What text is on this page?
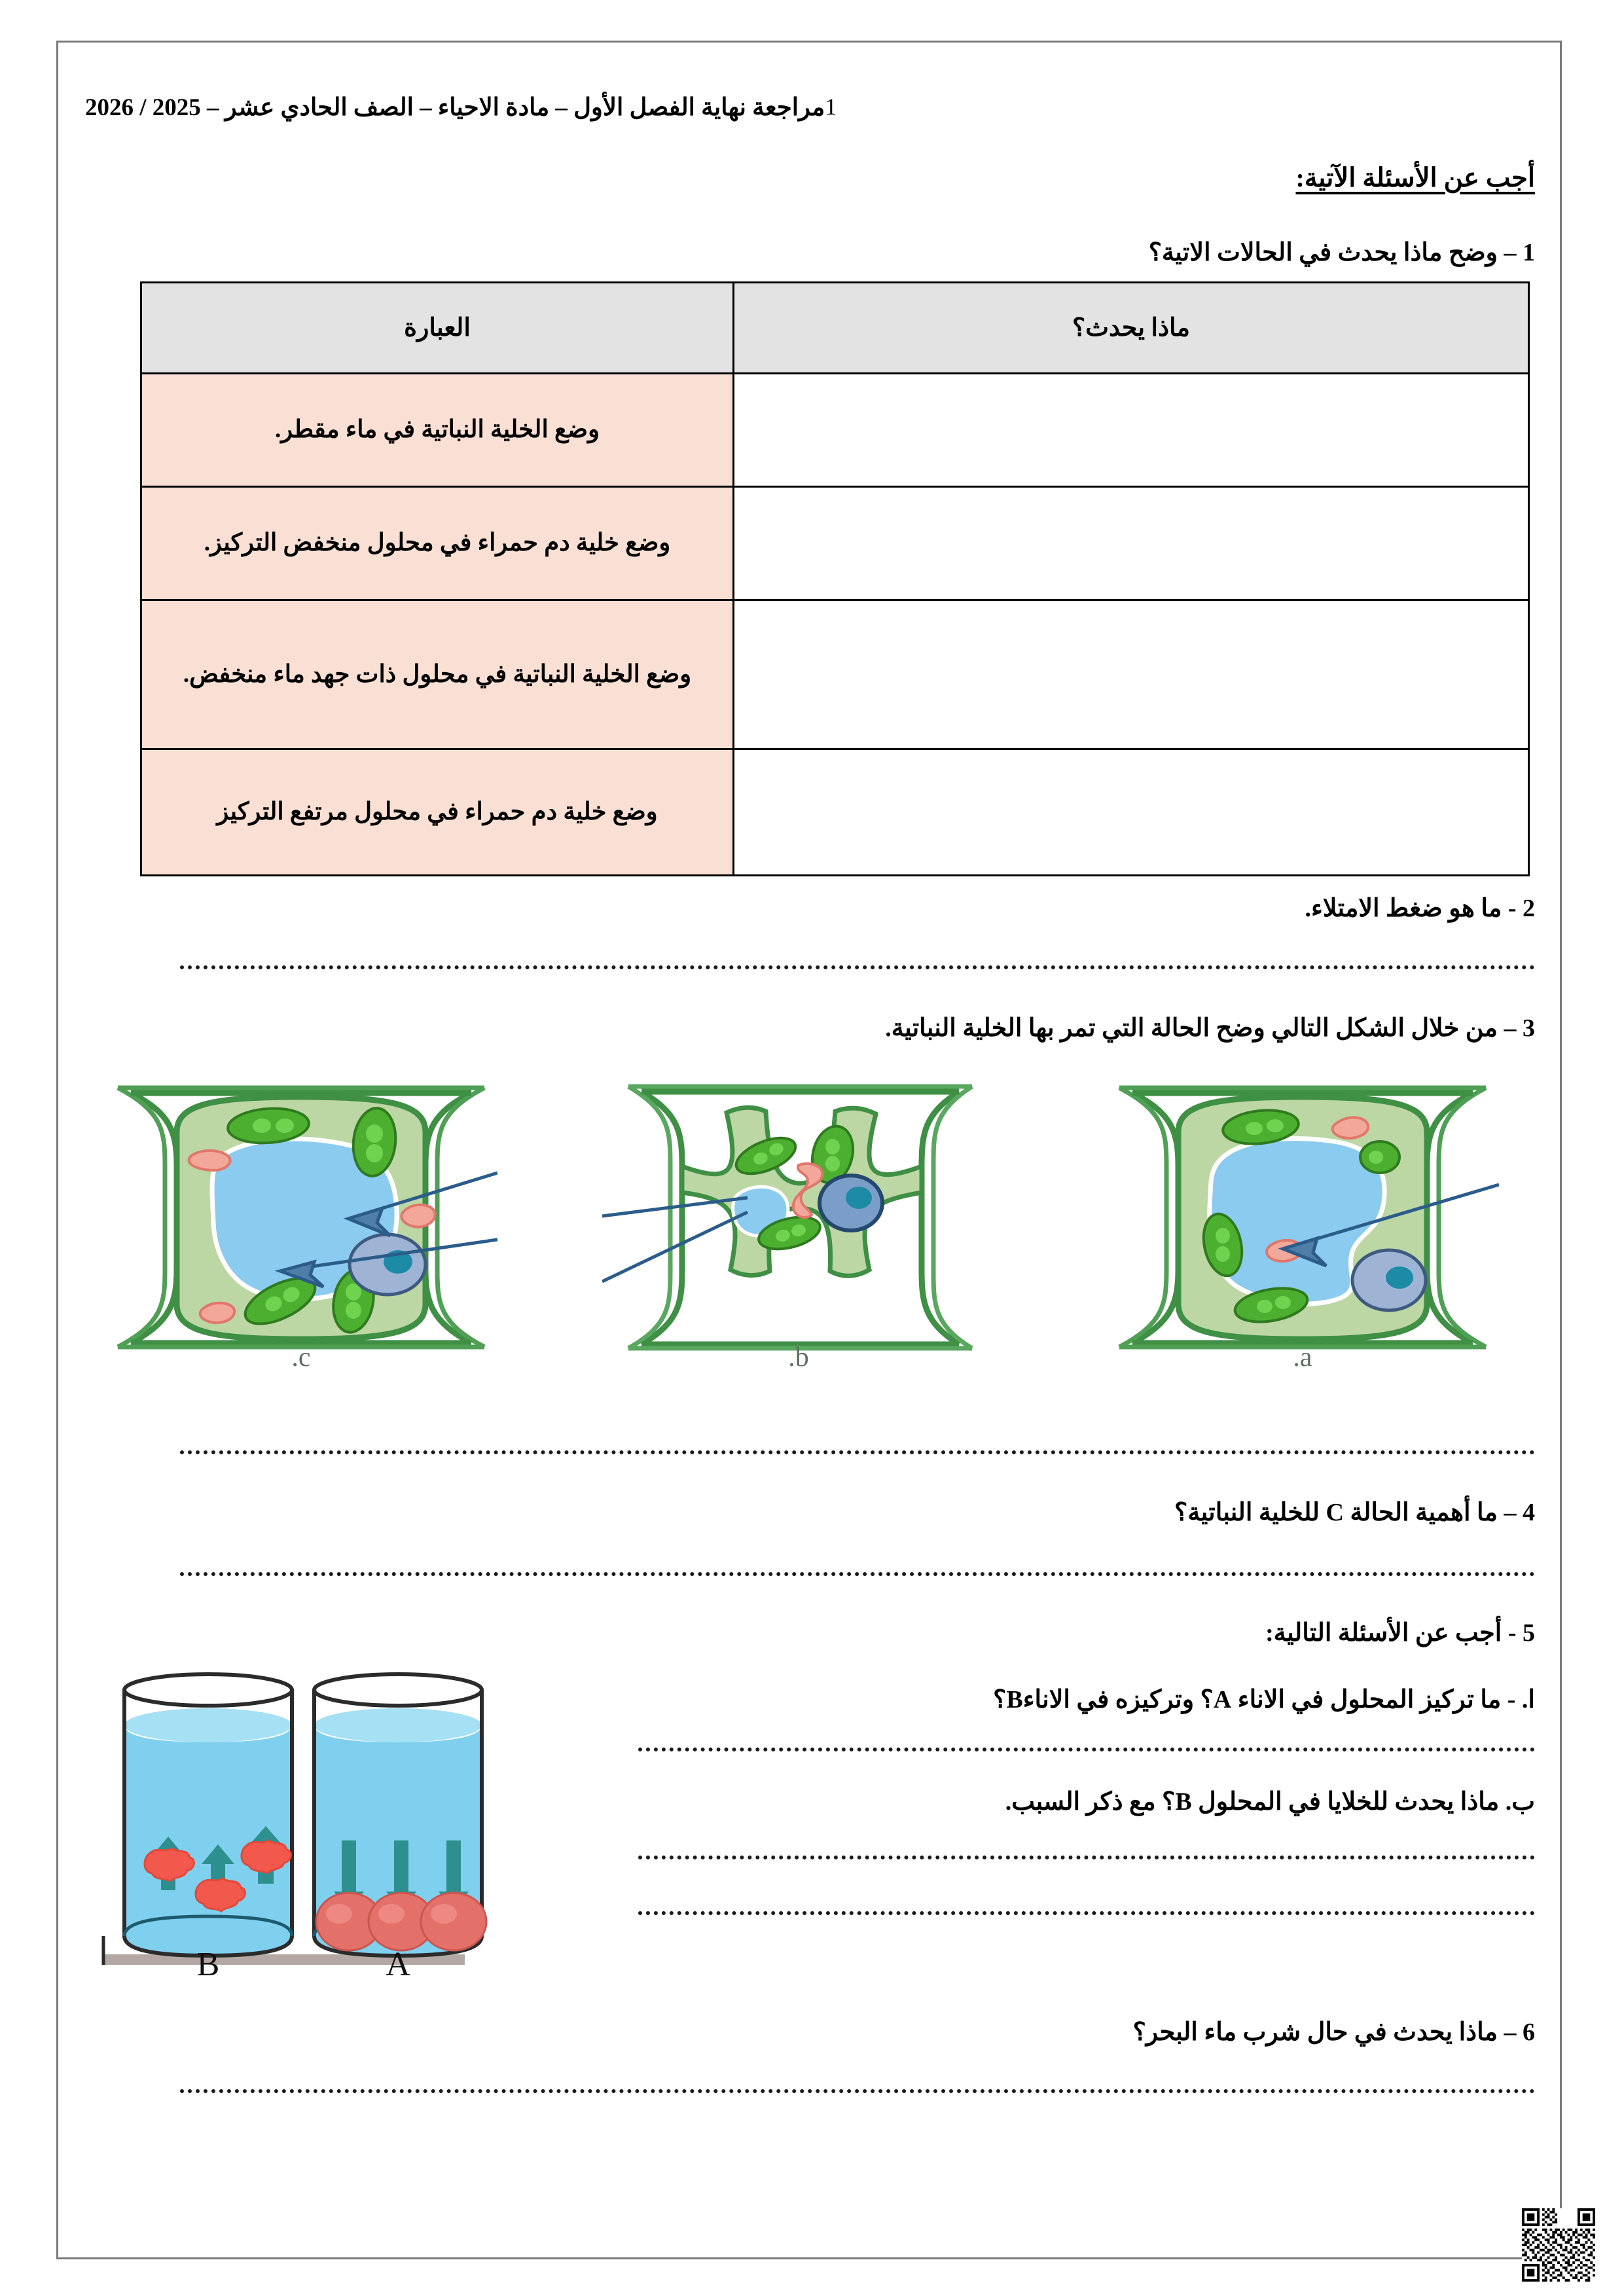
مراجعة نهاية الفصل الأول – مادة الاحياء – الصف الحادي عشر – 2025 / 2026 1
أجب عن الأسئلة الآتية:
1 – وضح ماذا يحدث في الحالات الاتية؟
ماذا يحدث؟	العبارة
	وضع الخلية النباتية في ماء مقطر.
	وضع خلية دم حمراء في محلول منخفض التركيز.
	وضع الخلية النباتية في محلول ذات جهد ماء منخفض.
	وضع خلية دم حمراء في محلول مرتفع التركيز
2 - ما هو ضغط الامتلاء.
3 – من خلال الشكل التالي وضح الحالة التي تمر بها الخلية النباتية.
.c	.b	.a
4 – ما أهمية الحالة C للخلية النباتية؟
5 - أجب عن الأسئلة التالية:
ا. - ما تركيز المحلول في الاناء A؟ وتركيزه في الاناءB؟
ب. ماذا يحدث للخلايا في المحلول B؟ مع ذكر السبب.
B	A
6 – ماذا يحدث في حال شرب ماء البحر؟
